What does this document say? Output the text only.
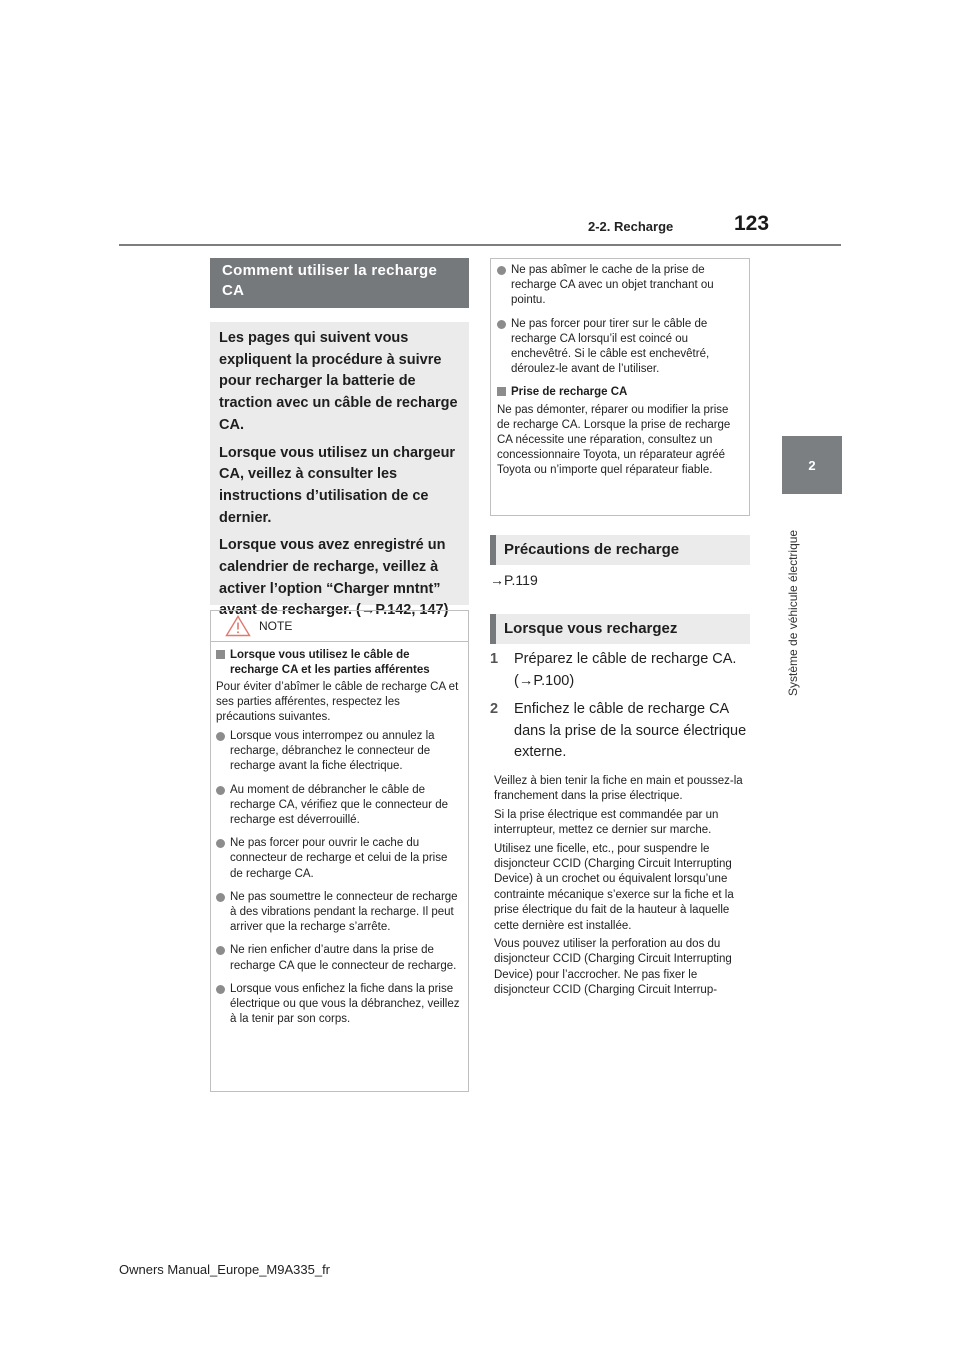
2-2. Recharge	123
2
Système de véhicule électrique
Comment utiliser la recharge CA

Les pages qui suivent vous expliquent la procédure à suivre pour recharger la batterie de traction avec un câble de recharge CA.

Lorsque vous utilisez un chargeur CA, veillez à consulter les instructions d’utilisation de ce dernier.

Lorsque vous avez enregistré un calendrier de recharge, veillez à activer l’option “Charger mntnt” avant de recharger. (→P.142, 147)

NOTE
Lorsque vous utilisez le câble de recharge CA et les parties afférentes
Pour éviter d’abîmer le câble de recharge CA et ses parties afférentes, respectez les précautions suivantes.
Lorsque vous interrompez ou annulez la recharge, débranchez le connecteur de recharge avant la fiche électrique.
Au moment de débrancher le câble de recharge CA, vérifiez que le connecteur de recharge est déverrouillé.
Ne pas forcer pour ouvrir le cache du connecteur de recharge et celui de la prise de recharge CA.
Ne pas soumettre le connecteur de recharge à des vibrations pendant la recharge. Il peut arriver que la recharge s’arrête.
Ne rien enficher d’autre dans la prise de recharge CA que le connecteur de recharge.
Lorsque vous enfichez la fiche dans la prise électrique ou que vous la débranchez, veillez à la tenir par son corps.
Ne pas abîmer le cache de la prise de recharge CA avec un objet tranchant ou pointu.
Ne pas forcer pour tirer sur le câble de recharge CA lorsqu’il est coincé ou enchevêtré. Si le câble est enchevêtré, déroulez-le avant de l’utiliser.
Prise de recharge CA
Ne pas démonter, réparer ou modifier la prise de recharge CA. Lorsque la prise de recharge CA nécessite une réparation, consultez un concessionnaire Toyota, un réparateur agréé Toyota ou n’importe quel réparateur fiable.
Précautions de recharge
→P.119
Lorsque vous rechargez
1	Préparez le câble de recharge CA. (→P.100)
2	Enfichez le câble de recharge CA dans la prise de la source électrique externe.

Veillez à bien tenir la fiche en main et poussez-la franchement dans la prise électrique.

Si la prise électrique est commandée par un interrupteur, mettez ce dernier sur marche.

Utilisez une ficelle, etc., pour suspendre le disjoncteur CCID (Charging Circuit Interrupting Device) à un crochet ou équivalent lorsqu’une contrainte mécanique s’exerce sur la fiche et la prise électrique du fait de la hauteur à laquelle cette dernière est installée.

Vous pouvez utiliser la perforation au dos du disjoncteur CCID (Charging Circuit Interrupting Device) pour l’accrocher. Ne pas fixer le disjoncteur CCID (Charging Circuit Interrup-

Owners Manual_Europe_M9A335_fr
